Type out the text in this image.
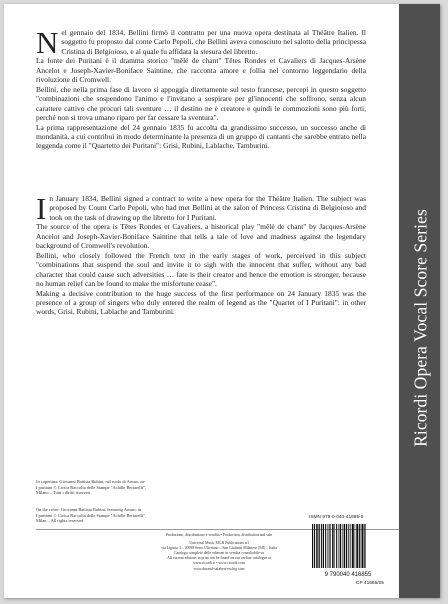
Nel gennaio del 1834, Bellini firmò il contratto per una nuova opera destinata al Théâtre Italien. Il soggetto fu proposto dal conte Carlo Pepoli, che Bellini aveva conosciuto nel salotto della principessa Cristina di Belgioioso, e al quale fu affidata la stesura del libretto.

La fonte dei Puritani è il dramma storico "mêlé de chant" Têtes Rondes et Cavaliers di Jacques-Arsène Ancelot e Joseph-Xavier-Boniface Saintine, che racconta amore e follia nel contorno leggendario della rivoluzione di Cromwell.

Bellini, che nella prima fase di lavoro si appoggia direttamente sul testo francese, percepì in questo soggetto "combinazioni che sospendono l'animo e l'invitano a sospirare per gl'innocenti che soffrono, senza alcun carattere cattivo che procuri tali sventure … il destino ne è creatore e quindi le commozioni sono più forti, perché non si trova umano riparo per far cessare la sventura".

La prima rappresentazione del 24 gennaio 1835 fu accolta da grandissimo successo, un successo anche di mondanità, a cui contribuì in modo determinante la presenza di un gruppo di cantanti che sarebbe entrato nella leggenda come il "Quartetto dei Puritani": Grisi, Rubini, Lablache, Tamburini.

In January 1834, Bellini signed a contract to write a new opera for the Théâtre Italien. The subject was proposed by Count Carlo Pepoli, who had met Bellini at the salon of Princess Cristina di Belgioioso and took on the task of drawing up the libretto for I Puritani.

The source of the opera is Têtes Rondes et Cavaliers, a historical play "mêlé de chant" by Jacques-Arsène Ancelot and Joseph-Xavier-Boniface Saintine that tells a tale of love and madness against the legendary background of Cromwell's revolution.

Bellini, who closely followed the French text in the early stages of work, perceived in this subject "combinations that suspend the soul and invite it to sigh with the innocent that suffer, without any bad character that could cause such adversities … fate is their creator and hence the emotion is stronger, because no human relief can be found to make the misfortune cease".

Making a decisive contribution to the huge success of the first performance on 24 January 1835 was the presence of a group of singers who duly entered the realm of legend as the "Quartet of I Puritani": in other words, Grisi, Rubini, Lablache and Tamburini.

In copertina: Giovanni Battista Rubini, nel ruolo di Arturo, ne

I puritani © Civica Raccolta delle Stampe "Achille Bertarelli",

Milano – Tutti i diritti riservati

On the cover: Giovanni Battista Rubini, featuring Arturo, in

I puritani © Civica Raccolta delle Stampe "Achille Bertarelli",

Milan – All rights reserved

Produzione, distribuzione e vendita • Production, distribution and sale

Universal Music MGB Publications srl

via Liguria 4 – 20098 Sesto Ulteriano – San Giuliano Milanese (MI) – Italia

Catalogo completo delle edizioni in vendita consultabile su

All current editions in print can be found on our on-line catalogue at

www.ricordi.it • www.ricordi.com

www.durand-salabert-eschig.com

ISMN 979-0-040-41685-5
9 790040 416855
CP 41685/05
Ricordi Opera Vocal Score Series
